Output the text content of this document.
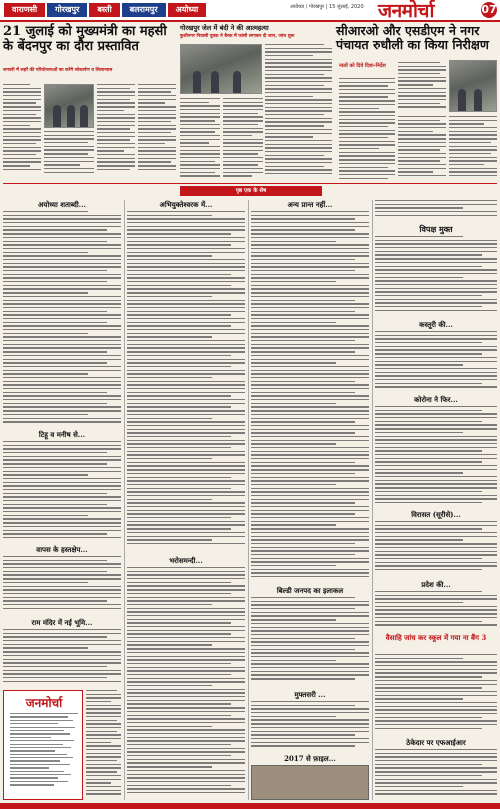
वाराणसी	गोरखपुर	बस्ती	बलरामपुर	अयोध्या	अयोध्या / गोरखपुर | 15 जुलाई, 2020 जनमोर्चा	07
21 जुलाई को मुख्यमंत्री का महसी के बेंदनपुर का दौरा प्रस्तावित
जनवरी में लहरें की परियोजनाओं का करेंगे लोकार्पण व शिलान्यास
गोरखपुर जेल में बंदी ने की आत्महत्या
कुशीनगर निवासी युवक ने बैरक में फांसी लगाकर दी जान, जांच शुरू	सीआरओ और एसडीएम ने नगर पंचायत रुधौली का किया निरीक्षण
नालों को दिये दिशा-निर्देश
पृष्ठ एक के शेष
अयोध्या शताब्दी...
टिहू व मनीष से...
वापस के हस्तक्षेप...
राम मंदिर में नई भूमि...
जनमोर्चा
अभियुक्तेश्वरक में...
भरोसमन्दी...
अन्य प्रान्त नहीं...
बिल्डी जनपद का इलाकल
मुफ्तसरी ...
2017 से फ़ाइल...
विपक्ष मुक्त
कस्तूरी की...
कोरोना ने फिर...
विरासत (सूरीसे)...
प्रदेश की...
वैसाहि जांच कर स्कूल में गया ना बैंग 3
ठेकेदार पर एफआईआर
